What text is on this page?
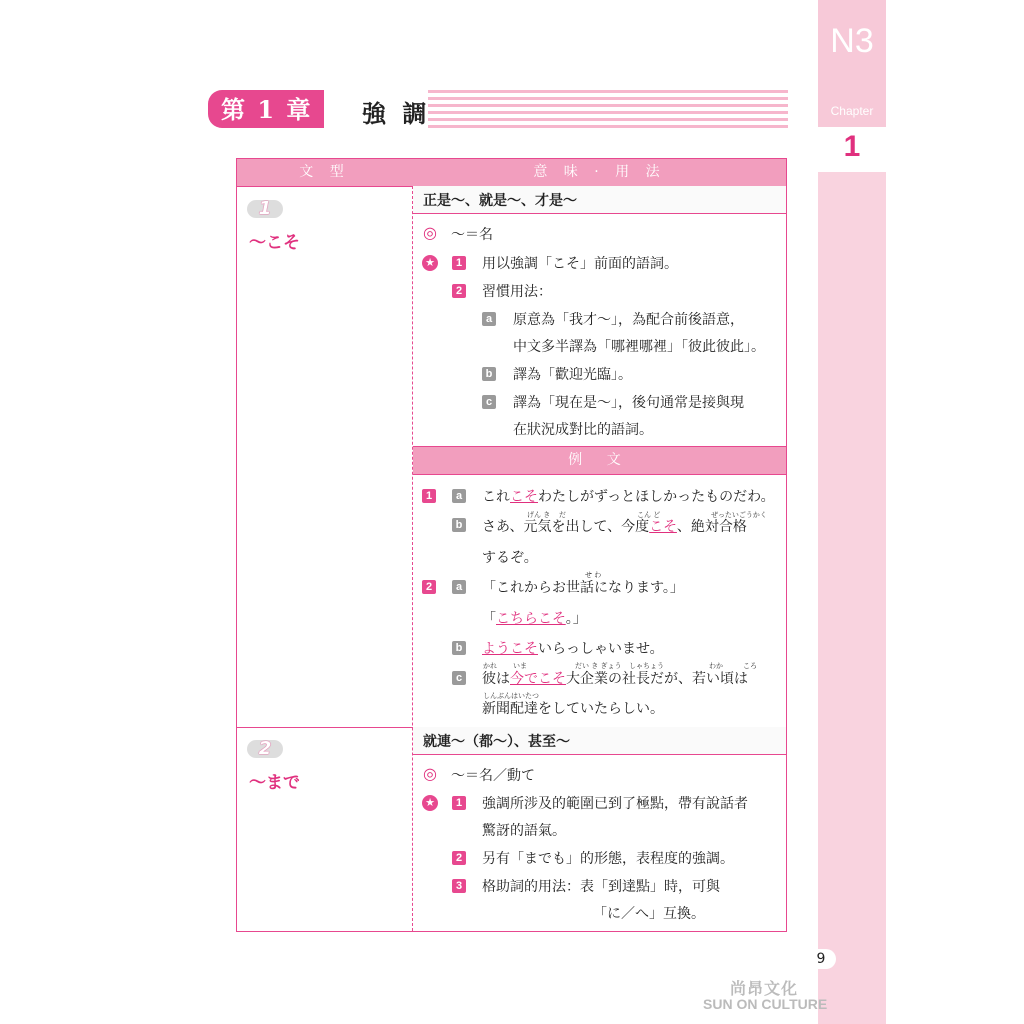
N3
Chapter
1
第 1 章 強 調
文 型	意 味 · 用 法
1
～こそ
正是～、就是～、才是～
◎ ～＝名
★	1 用以強調「こそ」前面的語詞。
2 習慣用法：
a 原意為「我才～」，為配合前後語意，
中文多半譯為「哪裡哪裡」「彼此彼此」。
b 譯為「歡迎光臨」。
c 譯為「現在是～」，後句通常是接與現
在狀況成對比的語詞。
例 文
1	a これこそわたしがずっとほしかったものだわ。
げん き だ	こん ど	ぜったいごうかく
b さあ、元気を出して、今度こそ、絶対合格
するぞ。
せ わ
2	a 「これからお世話になります。」
「こちらこそ。」
b ようこそいらっしゃいませ。
かれ いま	だい き ぎょう しゃちょう	わか	ころ
c 彼は今でこそ大企業の社長だが、若い頃は
しんぶんはいたつ
新聞配達をしていたらしい。
2
～まで
就連～（都～）、甚至～
◎ ～＝名／動て
★	1 強調所涉及的範圍已到了極點，帶有說話者
驚訝的語氣。
2 另有「までも」的形態，表程度的強調。
3 格助詞的用法：表「到達點」時，可與
「に／へ」互換。
9
尚昂文化
SUN ON CULTURE
